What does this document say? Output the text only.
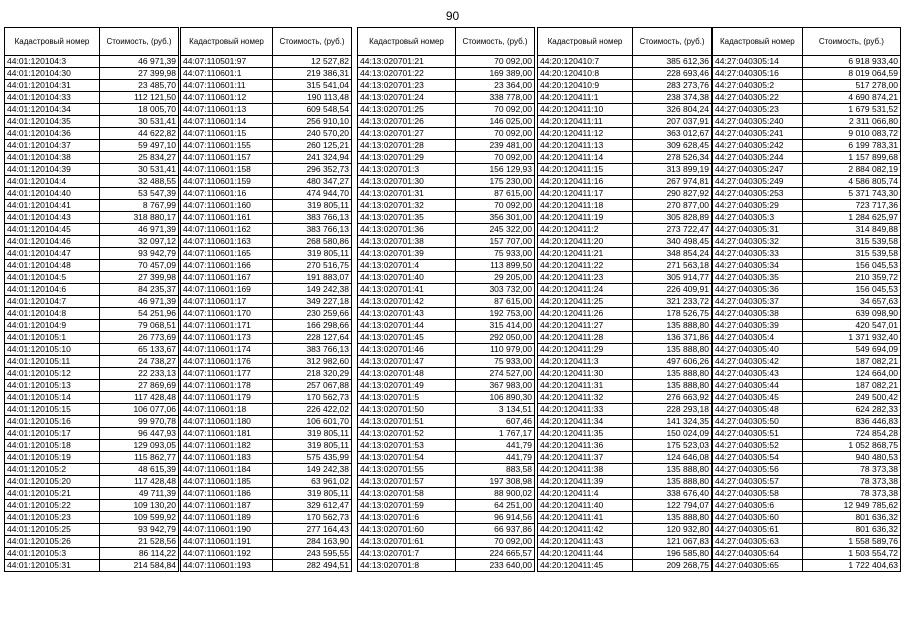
90
Кадастровый номер	Стоимость, (руб.)
44:01:120104:3	46 971,39
44:01:120104:30	27 399,98
44:01:120104:31	23 485,70
44:01:120104:33	112 121,50
44:01:120104:34	18 005,70
44:01:120104:35	30 531,41
44:01:120104:36	44 622,82
44:01:120104:37	59 497,10
44:01:120104:38	25 834,27
44:01:120104:39	30 531,41
44:01:120104:4	32 488,55
44:01:120104:40	53 547,39
44:01:120104:41	8 767,99
44:01:120104:43	318 880,17
44:01:120104:45	46 971,39
44:01:120104:46	32 097,12
44:01:120104:47	93 942,79
44:01:120104:48	70 457,09
44:01:120104:5	27 399,98
44:01:120104:6	84 235,37
44:01:120104:7	46 971,39
44:01:120104:8	54 251,96
44:01:120104:9	79 068,51
44:01:120105:1	26 773,69
44:01:120105:10	65 133,67
44:01:120105:11	24 738,27
44:01:120105:12	22 233,13
44:01:120105:13	27 869,69
44:01:120105:14	117 428,48
44:01:120105:15	106 077,06
44:01:120105:16	99 970,78
44:01:120105:17	96 447,93
44:01:120105:18	129 093,05
44:01:120105:19	115 862,77
44:01:120105:2	48 615,39
44:01:120105:20	117 428,48
44:01:120105:21	49 711,39
44:01:120105:22	109 130,20
44:01:120105:23	109 599,92
44:01:120105:25	93 942,79
44:01:120105:26	21 528,56
44:01:120105:3	86 114,22
44:01:120105:31	214 584,84
Кадастровый номер	Стоимость, (руб.)
44:07:110501:97	12 527,82
44:07:110601:1	219 386,31
44:07:110601:11	315 541,04
44:07:110601:12	190 113,48
44:07:110601:13	609 548,54
44:07:110601:14	256 910,10
44:07:110601:15	240 570,20
44:07:110601:155	260 125,21
44:07:110601:157	241 324,94
44:07:110601:158	296 352,73
44:07:110601:159	480 347,27
44:07:110601:16	474 944,70
44:07:110601:160	319 805,11
44:07:110601:161	383 766,13
44:07:110601:162	383 766,13
44:07:110601:163	268 580,86
44:07:110601:165	319 805,11
44:07:110601:166	270 516,75
44:07:110601:167	191 883,07
44:07:110601:169	149 242,38
44:07:110601:17	349 227,18
44:07:110601:170	230 259,66
44:07:110601:171	166 298,66
44:07:110601:173	228 127,64
44:07:110601:174	383 766,13
44:07:110601:176	312 982,60
44:07:110601:177	218 320,29
44:07:110601:178	257 067,88
44:07:110601:179	170 562,73
44:07:110601:18	226 422,02
44:07:110601:180	106 601,70
44:07:110601:181	319 805,11
44:07:110601:182	319 805,11
44:07:110601:183	575 435,99
44:07:110601:184	149 242,38
44:07:110601:185	63 961,02
44:07:110601:186	319 805,11
44:07:110601:187	329 612,47
44:07:110601:189	170 562,73
44:07:110601:190	277 164,43
44:07:110601:191	284 163,90
44:07:110601:192	243 595,55
44:07:110601:193	282 494,51
Кадастровый номер	Стоимость, (руб.)
44:13:020701:21	70 092,00
44:13:020701:22	169 389,00
44:13:020701:23	23 364,00
44:13:020701:24	338 778,00
44:13:020701:25	70 092,00
44:13:020701:26	146 025,00
44:13:020701:27	70 092,00
44:13:020701:28	239 481,00
44:13:020701:29	70 092,00
44:13:020701:3	156 129,93
44:13:020701:30	175 230,00
44:13:020701:31	87 615,00
44:13:020701:32	70 092,00
44:13:020701:35	356 301,00
44:13:020701:36	245 322,00
44:13:020701:38	157 707,00
44:13:020701:39	75 933,00
44:13:020701:4	113 899,50
44:13:020701:40	29 205,00
44:13:020701:41	303 732,00
44:13:020701:42	87 615,00
44:13:020701:43	192 753,00
44:13:020701:44	315 414,00
44:13:020701:45	292 050,00
44:13:020701:46	110 979,00
44:13:020701:47	75 933,00
44:13:020701:48	274 527,00
44:13:020701:49	367 983,00
44:13:020701:5	106 890,30
44:13:020701:50	3 134,51
44:13:020701:51	607,46
44:13:020701:52	1 767,17
44:13:020701:53	441,79
44:13:020701:54	441,79
44:13:020701:55	883,58
44:13:020701:57	197 308,98
44:13:020701:58	88 900,02
44:13:020701:59	64 251,00
44:13:020701:6	96 914,56
44:13:020701:60	66 937,86
44:13:020701:61	70 092,00
44:13:020701:7	224 665,57
44:13:020701:8	233 640,00
Кадастровый номер	Стоимость, (руб.)
44:20:120410:7	385 612,36
44:20:120410:8	228 693,46
44:20:120410:9	283 273,76
44:20:120411:1	238 374,38
44:20:120411:10	326 804,24
44:20:120411:11	207 037,91
44:20:120411:12	363 012,67
44:20:120411:13	309 628,45
44:20:120411:14	278 526,34
44:20:120411:15	313 899,19
44:20:120411:16	267 974,81
44:20:120411:17	290 827,92
44:20:120411:18	270 877,00
44:20:120411:19	305 828,89
44:20:120411:2	273 722,47
44:20:120411:20	340 498,45
44:20:120411:21	348 854,24
44:20:120411:22	271 563,18
44:20:120411:23	305 914,77
44:20:120411:24	226 409,91
44:20:120411:25	321 233,72
44:20:120411:26	178 526,75
44:20:120411:27	135 888,80
44:20:120411:28	136 371,86
44:20:120411:29	135 888,80
44:20:120411:3	497 606,26
44:20:120411:30	135 888,80
44:20:120411:31	135 888,80
44:20:120411:32	276 663,92
44:20:120411:33	228 293,18
44:20:120411:34	141 324,35
44:20:120411:35	150 024,09
44:20:120411:36	175 523,03
44:20:120411:37	124 646,08
44:20:120411:38	135 888,80
44:20:120411:39	135 888,80
44:20:120411:4	338 676,40
44:20:120411:40	122 794,07
44:20:120411:41	135 888,80
44:20:120411:42	120 932,80
44:20:120411:43	121 067,83
44:20:120411:44	196 585,80
44:20:120411:45	209 268,75
Кадастровый номер	Стоимость, (руб.)
44:27:040305:14	6 918 933,40
44:27:040305:16	8 019 064,59
44:27:040305:2	517 278,00
44:27:040305:22	4 690 874,21
44:27:040305:23	1 679 531,52
44:27:040305:240	2 311 066,80
44:27:040305:241	9 010 083,72
44:27:040305:242	6 199 783,31
44:27:040305:244	1 157 899,68
44:27:040305:247	2 884 082,19
44:27:040305:249	4 586 805,74
44:27:040305:253	5 371 743,30
44:27:040305:29	723 717,36
44:27:040305:3	1 284 625,97
44:27:040305:31	314 849,88
44:27:040305:32	315 539,58
44:27:040305:33	315 539,58
44:27:040305:34	156 045,53
44:27:040305:35	210 359,72
44:27:040305:36	156 045,53
44:27:040305:37	34 657,63
44:27:040305:38	639 098,90
44:27:040305:39	420 547,01
44:27:040305:4	1 371 932,40
44:27:040305:40	549 694,09
44:27:040305:42	187 082,21
44:27:040305:43	124 664,00
44:27:040305:44	187 082,21
44:27:040305:45	249 500,42
44:27:040305:48	624 282,33
44:27:040305:50	836 446,83
44:27:040305:51	724 854,28
44:27:040305:52	1 052 868,75
44:27:040305:54	940 480,53
44:27:040305:56	78 373,38
44:27:040305:57	78 373,38
44:27:040305:58	78 373,38
44:27:040305:6	12 949 785,62
44:27:040305:60	801 636,32
44:27:040305:61	801 636,32
44:27:040305:63	1 558 589,76
44:27:040305:64	1 503 554,72
44:27:040305:65	1 722 404,63
